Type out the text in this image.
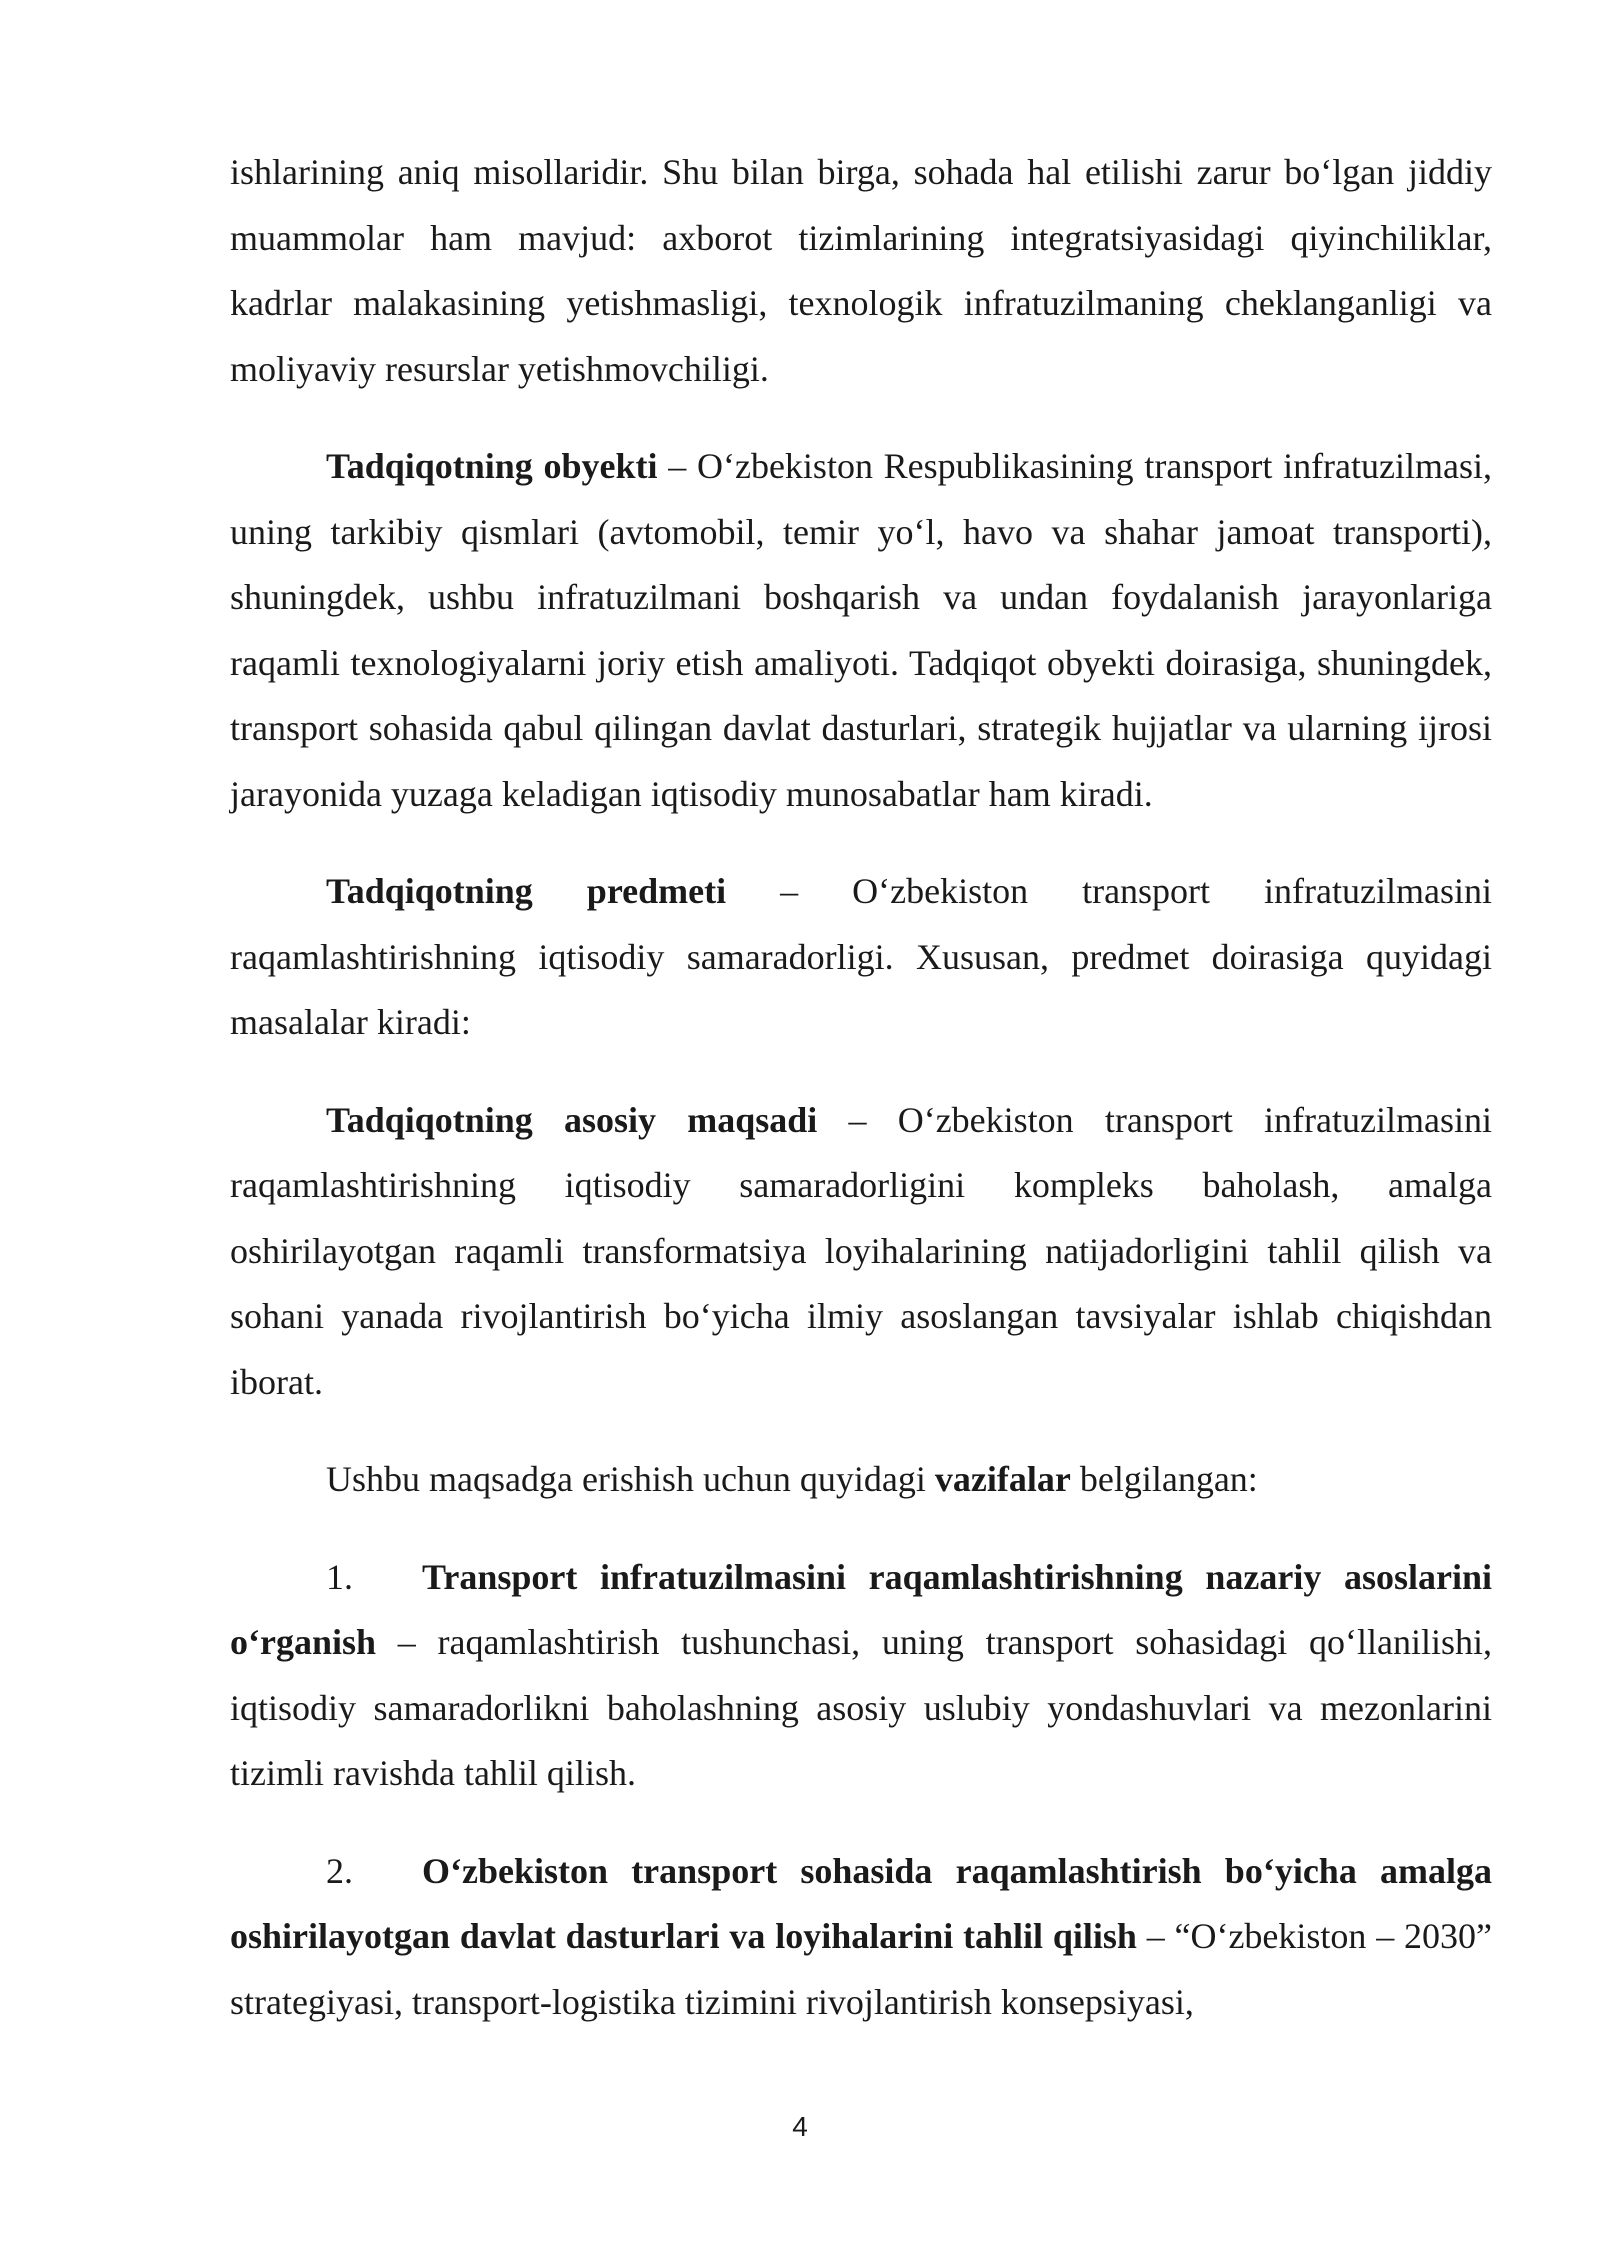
ishlarining aniq misollaridir. Shu bilan birga, sohada hal etilishi zarur bo‘lgan jiddiy muammolar ham mavjud: axborot tizimlarining integratsiyasidagi qiyinchiliklar, kadrlar malakasining yetishmasligi, texnologik infratuzilmaning cheklanganligi va moliyaviy resurslar yetishmovchiligi.

Tadqiqotning obyekti – O‘zbekiston Respublikasining transport infratuzilmasi, uning tarkibiy qismlari (avtomobil, temir yo‘l, havo va shahar jamoat transporti), shuningdek, ushbu infratuzilmani boshqarish va undan foydalanish jarayonlariga raqamli texnologiyalarni joriy etish amaliyoti. Tadqiqot obyekti doirasiga, shuningdek, transport sohasida qabul qilingan davlat dasturlari, strategik hujjatlar va ularning ijrosi jarayonida yuzaga keladigan iqtisodiy munosabatlar ham kiradi.

Tadqiqotning predmeti – O‘zbekiston transport infratuzilmasini raqamlashtirishning iqtisodiy samaradorligi. Xususan, predmet doirasiga quyidagi masalalar kiradi:

Tadqiqotning asosiy maqsadi – O‘zbekiston transport infratuzilmasini raqamlashtirishning iqtisodiy samaradorligini kompleks baholash, amalga oshirilayotgan raqamli transformatsiya loyihalarining natijadorligini tahlil qilish va sohani yanada rivojlantirish bo‘yicha ilmiy asoslangan tavsiyalar ishlab chiqishdan iborat.

Ushbu maqsadga erishish uchun quyidagi vazifalar belgilangan:

1. Transport infratuzilmasini raqamlashtirishning nazariy asoslarini o‘rganish – raqamlashtirish tushunchasi, uning transport sohasidagi qo‘llanilishi, iqtisodiy samaradorlikni baholashning asosiy uslubiy yondashuvlari va mezonlarini tizimli ravishda tahlil qilish.

2. O‘zbekiston transport sohasida raqamlashtirish bo‘yicha amalga oshirilayotgan davlat dasturlari va loyihalarini tahlil qilish – “O‘zbekiston – 2030” strategiyasi, transport-logistika tizimini rivojlantirish konsepsiyasi,

4
